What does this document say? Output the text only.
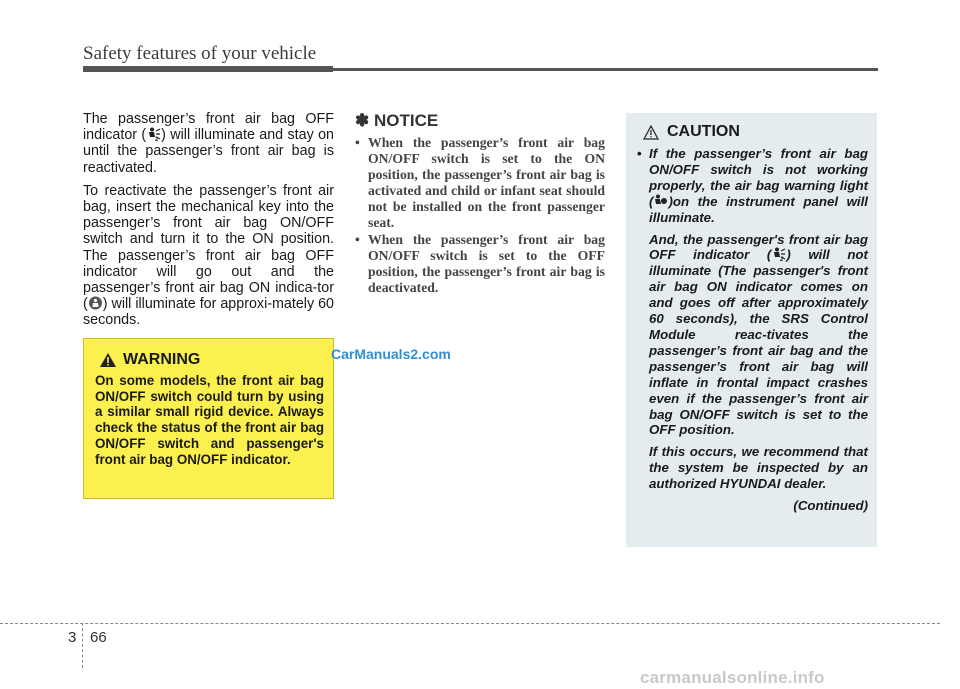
Safety features of your vehicle

The passenger’s front air bag OFF indicator ( 2 ) will illuminate and stay on until the passenger’s front air bag is reactivated.

To reactivate the passenger’s front air bag, insert the mechanical key into the passenger’s front air bag ON/OFF switch and turn it to the ON position. The passenger’s front air bag OFF indicator will go out and the passenger’s front air bag ON indica-tor ( ) will illuminate for approxi-mately 60 seconds.

WARNING
On some models, the front air bag ON/OFF switch could turn by using a similar small rigid device. Always check the status of the front air bag ON/OFF switch and passenger's front air bag ON/OFF indicator.
CarManuals2.com
✽ NOTICE
• When the passenger’s front air bag ON/OFF switch is set to the ON position, the passenger’s front air bag is activated and child or infant seat should not be installed on the front passenger seat.
• When the passenger’s front air bag ON/OFF switch is set to the OFF position, the passenger’s front air bag is deactivated.
CAUTION
• If the passenger’s front air bag ON/OFF switch is not working properly, the air bag warning light ( )on the instrument panel will illuminate.
And, the passenger's front air bag OFF indicator ( 2 ) will not illuminate (The passenger's front air bag ON indicator comes on and goes off after approximately 60 seconds), the SRS Control Module reac-tivates the passenger’s front air bag and the passenger’s front air bag will inflate in frontal impact crashes even if the passenger’s front air bag ON/OFF switch is set to the OFF position.
If this occurs, we recommend that the system be inspected by an authorized HYUNDAI dealer.
(Continued)
3 66
carmanualsonline.info
